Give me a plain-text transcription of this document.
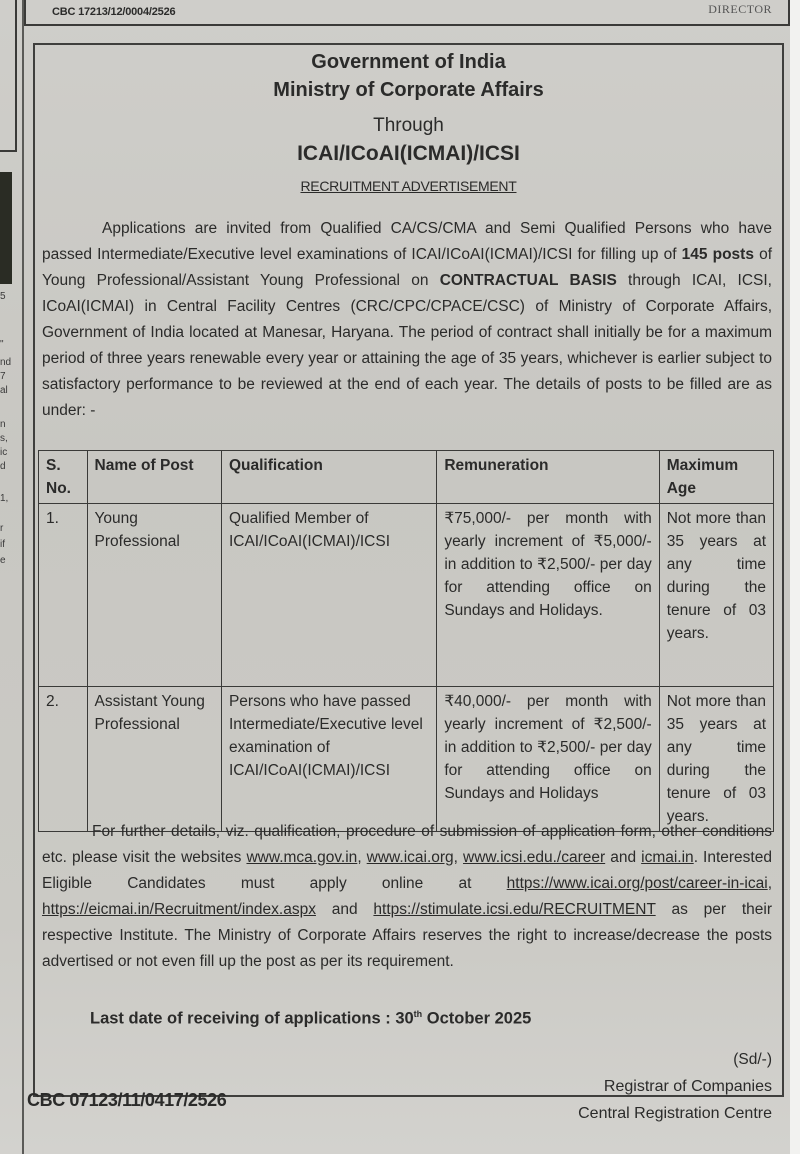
5
"
nd
7
al
n
s,
ic
d
1,
r
if
e
CBC 17213/12/0004/2526	DIRECTOR
Government of India
Ministry of Corporate Affairs
Through
ICAI/ICoAI(ICMAI)/ICSI
RECRUITMENT ADVERTISEMENT
Applications are invited from Qualified CA/CS/CMA and Semi Qualified Persons who have passed Intermediate/Executive level examinations of ICAI/ICoAI(ICMAI)/ICSI for filling up of 145 posts of Young Professional/Assistant Young Professional on CONTRACTUAL BASIS through ICAI, ICSI, ICoAI(ICMAI) in Central Facility Centres (CRC/CPC/CPACE/CSC) of Ministry of Corporate Affairs, Government of India located at Manesar, Haryana. The period of contract shall initially be for a maximum period of three years renewable every year or attaining the age of 35 years, whichever is earlier subject to satisfactory performance to be reviewed at the end of each year. The details of posts to be filled are as under: -
S. No.	Name of Post	Qualification	Remuneration	Maximum Age
1.	Young Professional	Qualified Member of ICAI/ICoAI(ICMAI)/ICSI	₹75,000/- per month with yearly increment of ₹5,000/- in addition to ₹2,500/- per day for attending office on Sundays and Holidays.	Not more than 35 years at any time during the tenure of 03 years.
2.	Assistant Young Professional	Persons who have passed Intermediate/Executive level examination of ICAI/ICoAI(ICMAI)/ICSI	₹40,000/- per month with yearly increment of ₹2,500/- in addition to ₹2,500/- per day for attending office on Sundays and Holidays	Not more than 35 years at any time during the tenure of 03 years.
For further details, viz. qualification, procedure of submission of application form, other conditions etc. please visit the websites www.mca.gov.in, www.icai.org, www.icsi.edu./career and icmai.in. Interested Eligible Candidates must apply online at https://www.icai.org/post/career-in-icai, https://eicmai.in/Recruitment/index.aspx and https://stimulate.icsi.edu/RECRUITMENT as per their respective Institute. The Ministry of Corporate Affairs reserves the right to increase/decrease the posts advertised or not even fill up the post as per its requirement.
Last date of receiving of applications : 30th October 2025
(Sd/-)
Registrar of Companies
Central Registration Centre
CBC 07123/11/0417/2526
